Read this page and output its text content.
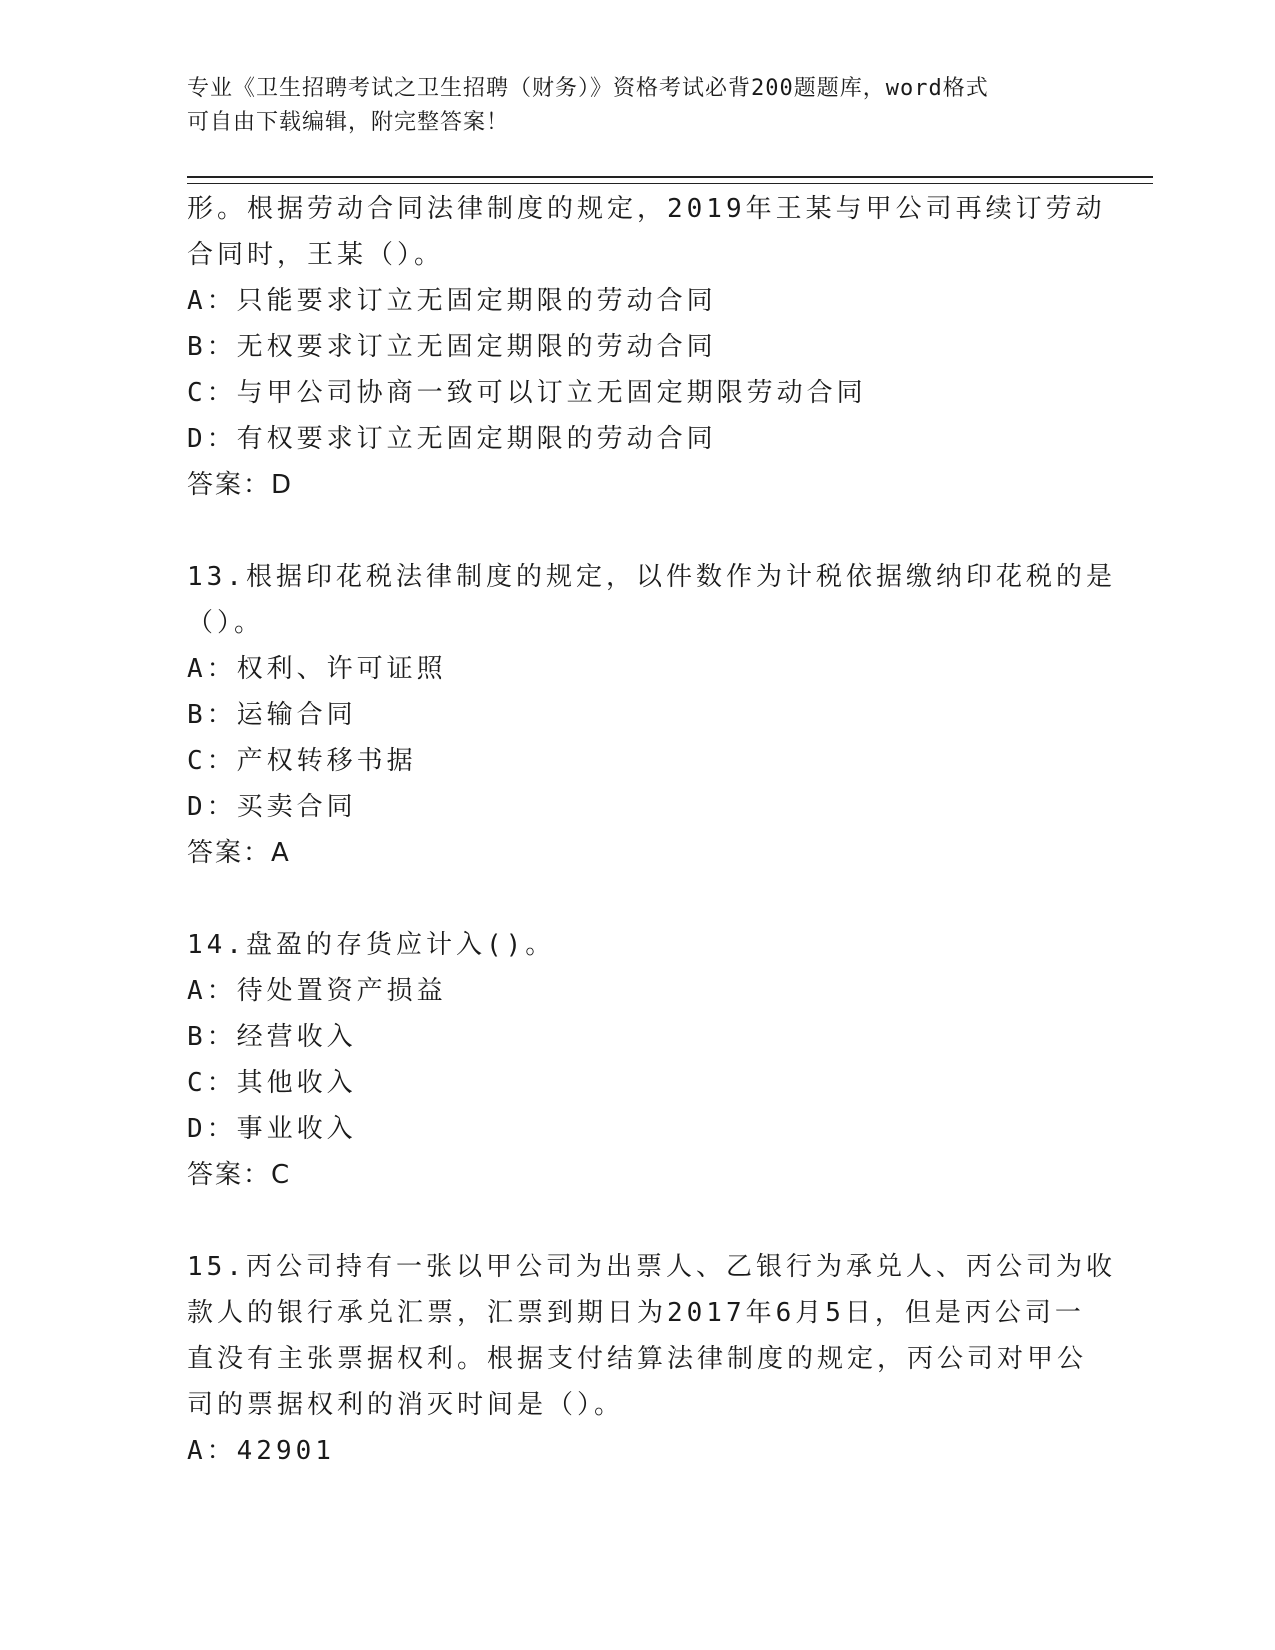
专业《卫生招聘考试之卫生招聘（财务）》资格考试必背200题题库，word格式
可自由下载编辑，附完整答案！
形。根据劳动合同法律制度的规定，2019年王某与甲公司再续订劳动
合同时，王某（）。
A：只能要求订立无固定期限的劳动合同
B：无权要求订立无固定期限的劳动合同
C：与甲公司协商一致可以订立无固定期限劳动合同
D：有权要求订立无固定期限的劳动合同
答案：D
13.根据印花税法律制度的规定，以件数作为计税依据缴纳印花税的是
（）。
A：权利、许可证照
B：运输合同
C：产权转移书据
D：买卖合同
答案：A
14.盘盈的存货应计入()。
A：待处置资产损益
B：经营收入
C：其他收入
D：事业收入
答案：C
15.丙公司持有一张以甲公司为出票人、乙银行为承兑人、丙公司为收
款人的银行承兑汇票，汇票到期日为2017年6月5日，但是丙公司一
直没有主张票据权利。根据支付结算法律制度的规定，丙公司对甲公
司的票据权利的消灭时间是（）。
A：42901
